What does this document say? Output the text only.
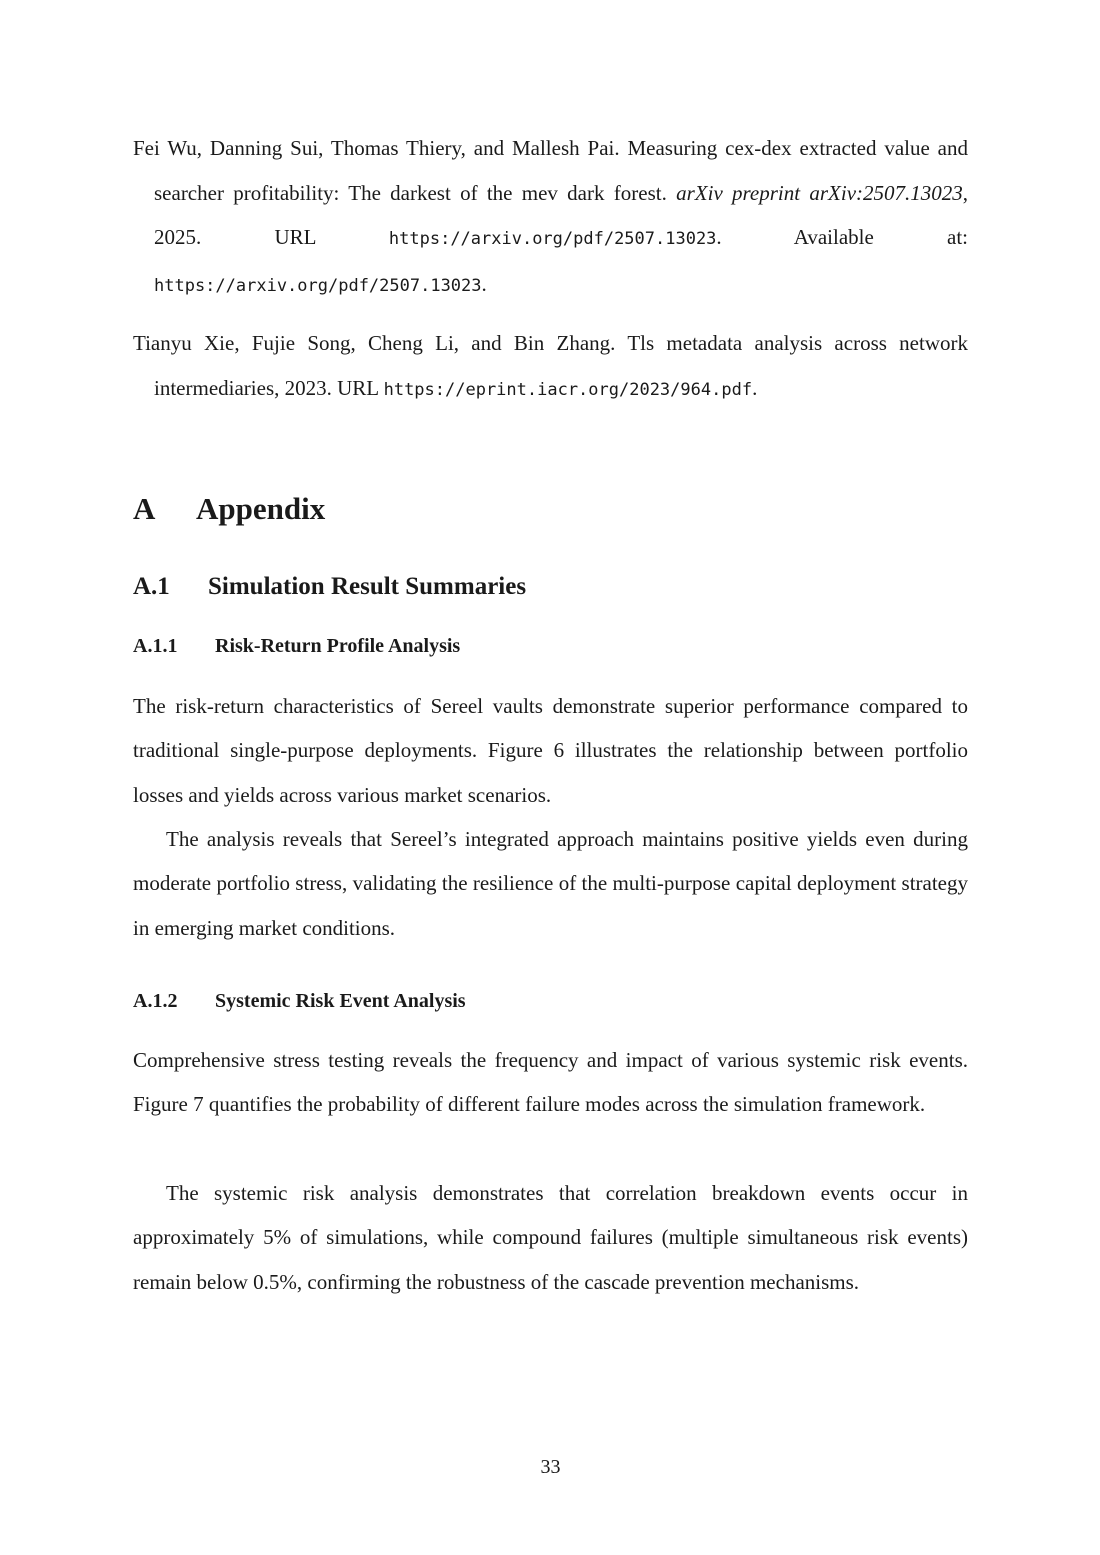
Fei Wu, Danning Sui, Thomas Thiery, and Mallesh Pai. Measuring cex-dex extracted value and searcher profitability: The darkest of the mev dark forest. arXiv preprint arXiv:2507.13023, 2025. URL https://arxiv.org/pdf/2507.13023. Available at: https://arxiv.org/pdf/2507.13023.
Tianyu Xie, Fujie Song, Cheng Li, and Bin Zhang. Tls metadata analysis across network intermediaries, 2023. URL https://eprint.iacr.org/2023/964.pdf.
A Appendix
A.1 Simulation Result Summaries
A.1.1 Risk-Return Profile Analysis

The risk-return characteristics of Sereel vaults demonstrate superior performance compared to traditional single-purpose deployments. Figure 6 illustrates the relationship between portfolio losses and yields across various market scenarios.

The analysis reveals that Sereel’s integrated approach maintains positive yields even during moderate portfolio stress, validating the resilience of the multi-purpose capital deployment strategy in emerging market conditions.

A.1.2 Systemic Risk Event Analysis

Comprehensive stress testing reveals the frequency and impact of various systemic risk events. Figure 7 quantifies the probability of different failure modes across the simulation framework.

The systemic risk analysis demonstrates that correlation breakdown events occur in approximately 5% of simulations, while compound failures (multiple simultaneous risk events) remain below 0.5%, confirming the robustness of the cascade prevention mechanisms.

33
